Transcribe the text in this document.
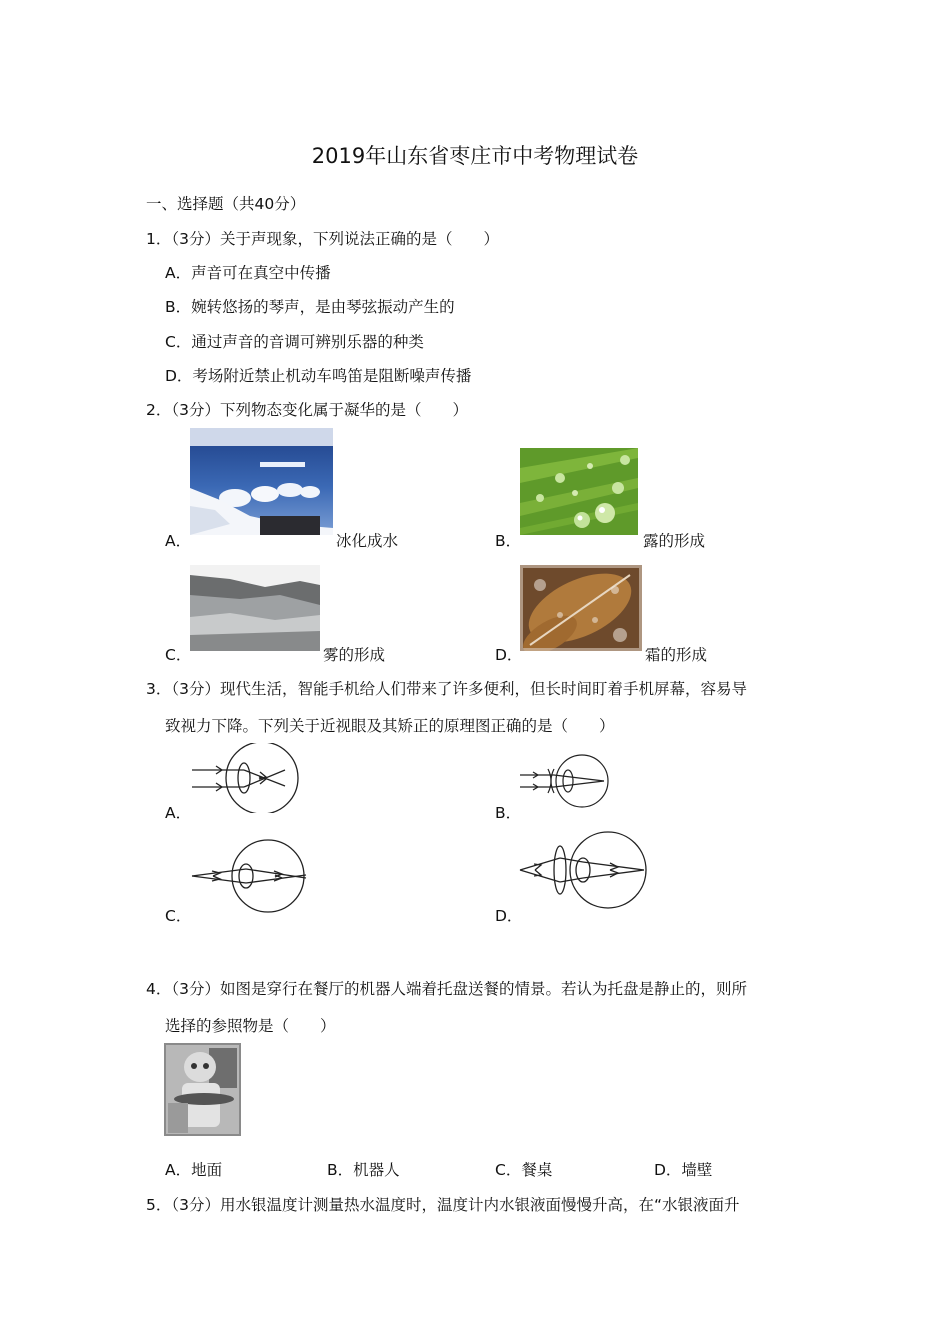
2019年山东省枣庄市中考物理试卷
一、选择题（共40分）
1．（3分）关于声现象，下列说法正确的是（　　）
A．声音可在真空中传播
B．婉转悠扬的琴声，是由琴弦振动产生的
C．通过声音的音调可辨别乐器的种类
D．考场附近禁止机动车鸣笛是阻断噪声传播
2．（3分）下列物态变化属于凝华的是（　　）
A．	冰化成水	B．	露的形成
C．	雾的形成	D．	霜的形成
3．（3分）现代生活，智能手机给人们带来了许多便利，但长时间盯着手机屏幕，容易导
致视力下降。下列关于近视眼及其矫正的原理图正确的是（　　）
A．	B．
C．	D．
4．（3分）如图是穿行在餐厅的机器人端着托盘送餐的情景。若认为托盘是静止的，则所
选择的参照物是（　　）
A．地面	B．机器人	C．餐桌	D．墙壁
5．（3分）用水银温度计测量热水温度时，温度计内水银液面慢慢升高，在“水银液面升
